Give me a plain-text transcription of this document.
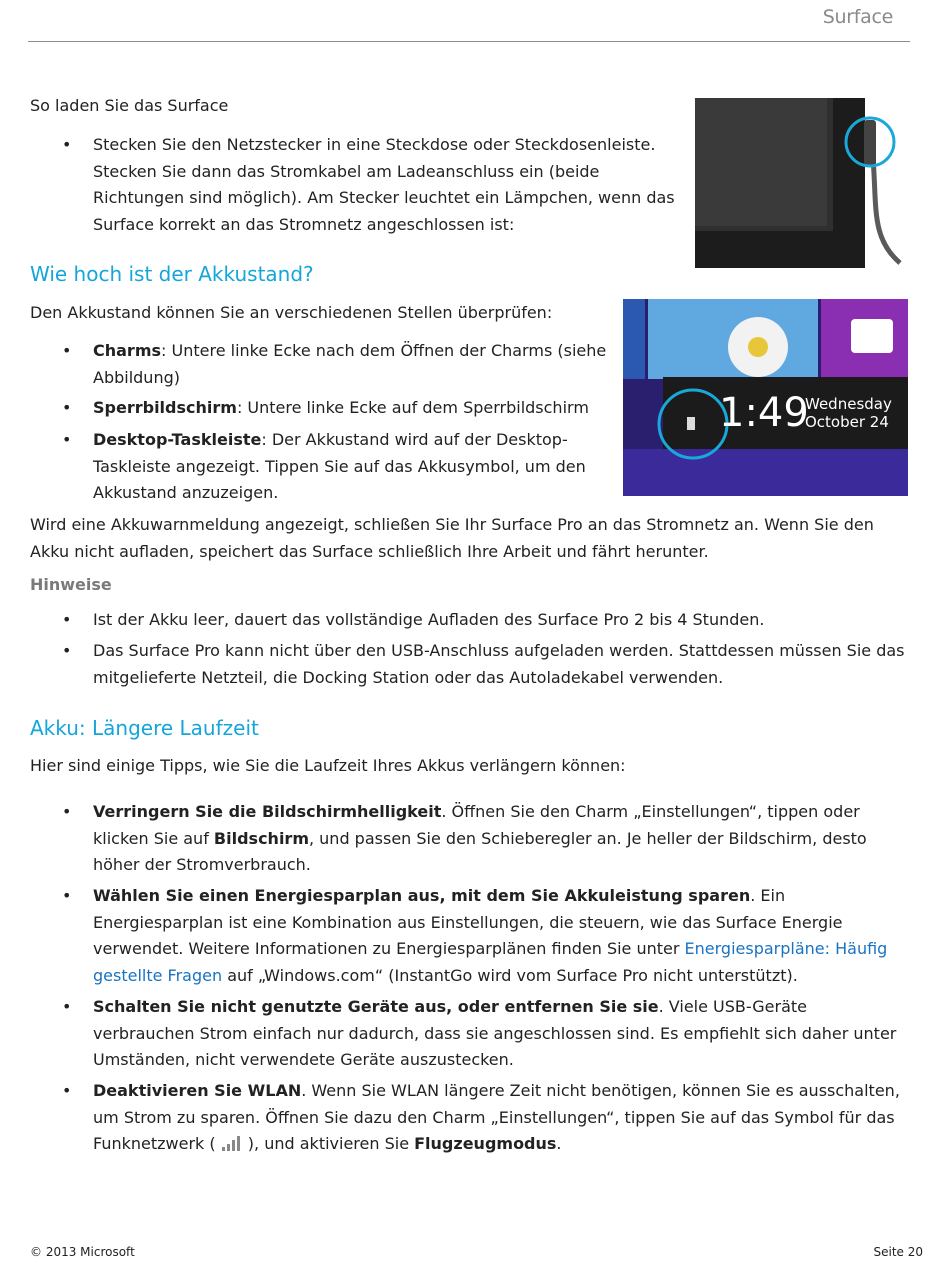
Surface

So laden Sie das Surface

• Stecken Sie den Netzstecker in eine Steckdose oder Steckdosenleiste. Stecken Sie dann das Stromkabel am Ladeanschluss ein (beide Richtungen sind möglich). Am Stecker leuchtet ein Lämpchen, wenn das Surface korrekt an das Stromnetz angeschlossen ist:

Wie hoch ist der Akkustand?

Den Akkustand können Sie an verschiedenen Stellen überprüfen:

• Charms: Untere linke Ecke nach dem Öffnen der Charms (siehe Abbildung)

• Sperrbildschirm: Untere linke Ecke auf dem Sperrbildschirm

• Desktop-Taskleiste: Der Akkustand wird auf der Desktop-Taskleiste angezeigt. Tippen Sie auf das Akkusymbol, um den Akkustand anzuzeigen.

1:49
Wednesday
October 24

Wird eine Akkuwarnmeldung angezeigt, schließen Sie Ihr Surface Pro an das Stromnetz an. Wenn Sie den Akku nicht aufladen, speichert das Surface schließlich Ihre Arbeit und fährt herunter.

Hinweise
• Ist der Akku leer, dauert das vollständige Aufladen des Surface Pro 2 bis 4 Stunden.

• Das Surface Pro kann nicht über den USB-Anschluss aufgeladen werden. Stattdessen müssen Sie das mitgelieferte Netzteil, die Docking Station oder das Autoladekabel verwenden.

Akku: Längere Laufzeit

Hier sind einige Tipps, wie Sie die Laufzeit Ihres Akkus verlängern können:

• Verringern Sie die Bildschirmhelligkeit. Öffnen Sie den Charm „Einstellungen“, tippen oder klicken Sie auf Bildschirm, und passen Sie den Schieberegler an. Je heller der Bildschirm, desto höher der Stromverbrauch.

• Wählen Sie einen Energiesparplan aus, mit dem Sie Akkuleistung sparen. Ein Energiesparplan ist eine Kombination aus Einstellungen, die steuern, wie das Surface Energie verwendet. Weitere Informationen zu Energiesparplänen finden Sie unter Energiesparpläne: Häufig gestellte Fragen auf „Windows.com“ (InstantGo wird vom Surface Pro nicht unterstützt).

• Schalten Sie nicht genutzte Geräte aus, oder entfernen Sie sie. Viele USB-Geräte verbrauchen Strom einfach nur dadurch, dass sie angeschlossen sind. Es empfiehlt sich daher unter Umständen, nicht verwendete Geräte auszustecken.

• Deaktivieren Sie WLAN. Wenn Sie WLAN längere Zeit nicht benötigen, können Sie es ausschalten, um Strom zu sparen. Öffnen Sie dazu den Charm „Einstellungen“, tippen Sie auf das Symbol für das Funknetzwerk (  ), und aktivieren Sie Flugzeugmodus.

© 2013 Microsoft	Seite 20
